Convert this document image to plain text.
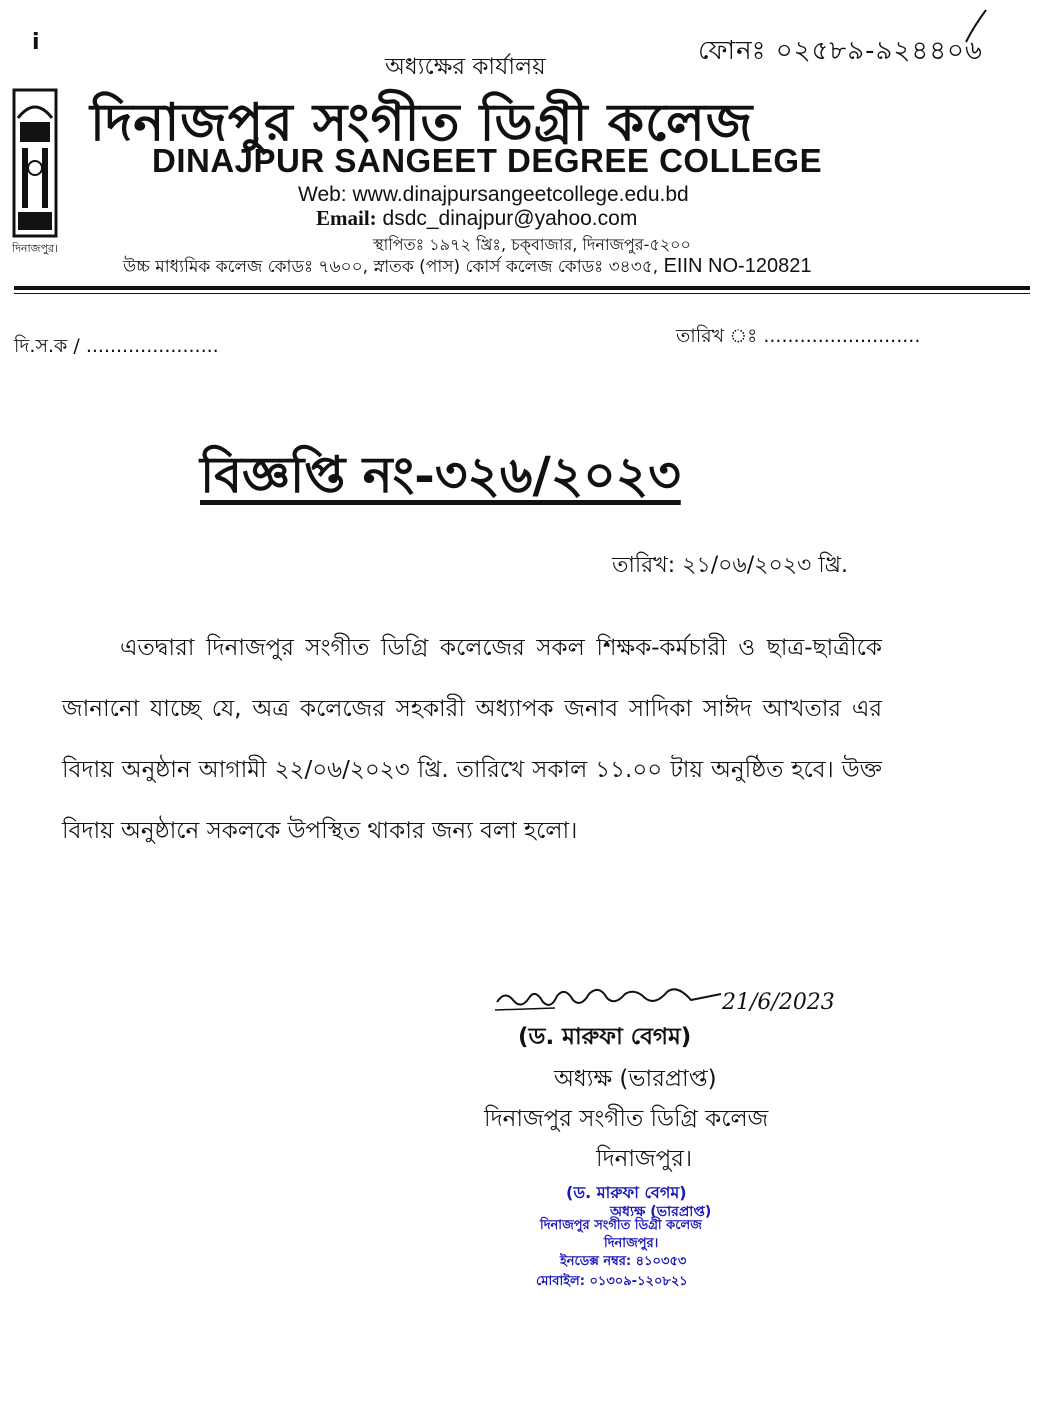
i
দিনাজপুর।
ফোনঃ ০২৫৮৯-৯২৪৪০৬
অধ্যক্ষের কার্যালয়
দিনাজপুর সংগীত ডিগ্রী কলেজ
DINAJPUR SANGEET DEGREE COLLEGE
Web: www.dinajpursangeetcollege.edu.bd
Email: dsdc_dinajpur@yahoo.com
স্থাপিতঃ ১৯৭২ খ্রিঃ, চক্‌বাজার, দিনাজপুর-৫২০০
উচ্চ মাধ্যমিক কলেজ কোডঃ ৭৬০০, স্নাতক (পাস) কোর্স কলেজ কোডঃ ৩৪৩৫, EIIN NO-120821
দি.স.ক / ......................	তারিখ ঃ ..........................
বিজ্ঞপ্তি নং-৩২৬/২০২৩
তারিখ: ২১/০৬/২০২৩ খ্রি.
এতদ্বারা দিনাজপুর সংগীত ডিগ্রি কলেজের সকল শিক্ষক-কর্মচারী ও ছাত্র-ছাত্রীকে জানানো যাচ্ছে যে, অত্র কলেজের সহকারী অধ্যাপক জনাব সাদিকা সাঈদ আখতার এর বিদায় অনুষ্ঠান আগামী ২২/০৬/২০২৩ খ্রি. তারিখে সকাল ১১.০০ টায় অনুষ্ঠিত হবে। উক্ত বিদায় অনুষ্ঠানে সকলকে উপস্থিত থাকার জন্য বলা হলো।
21/6/2023
(ড. মারুফা বেগম)
অধ্যক্ষ (ভারপ্রাপ্ত)
দিনাজপুর সংগীত ডিগ্রি কলেজ
দিনাজপুর।
(ড. মারুফা বেগম)
অধ্যক্ষ (ভারপ্রাপ্ত)
দিনাজপুর সংগীত ডিগ্রী কলেজ
দিনাজপুর।
ইনডেক্স নম্বর: ৪১০৩৫৩
মোবাইল: ০১৩০৯-১২০৮২১
